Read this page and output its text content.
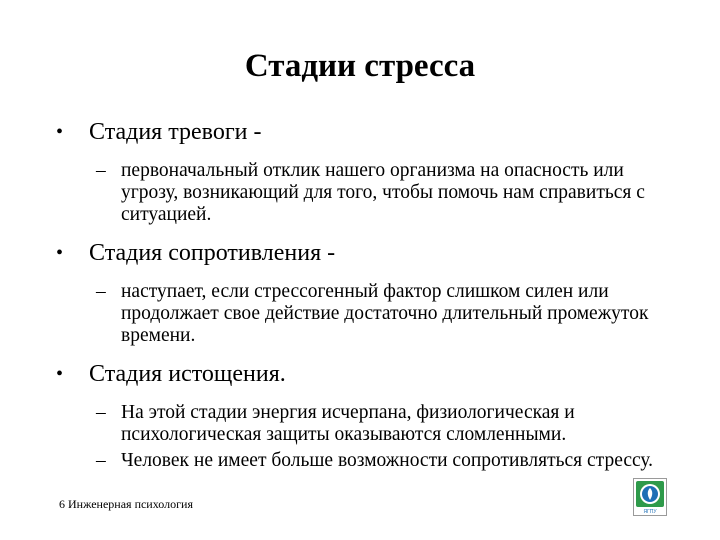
Стадии стресса
• Стадия тревоги -
– первоначальный отклик нашего организма на опасность или угрозу, возникающий для того, чтобы помочь нам справиться с ситуацией.
• Стадия сопротивления -
– наступает, если стрессогенный фактор слишком силен или продолжает свое действие достаточно длительный промежуток времени.
• Стадия истощения.
– На этой стадии энергия исчерпана, физиологическая и психологическая защиты оказываются сломленными.
– Человек не имеет больше возможности сопротивляться стрессу.
6 Инженерная психология
ЯГПУ
